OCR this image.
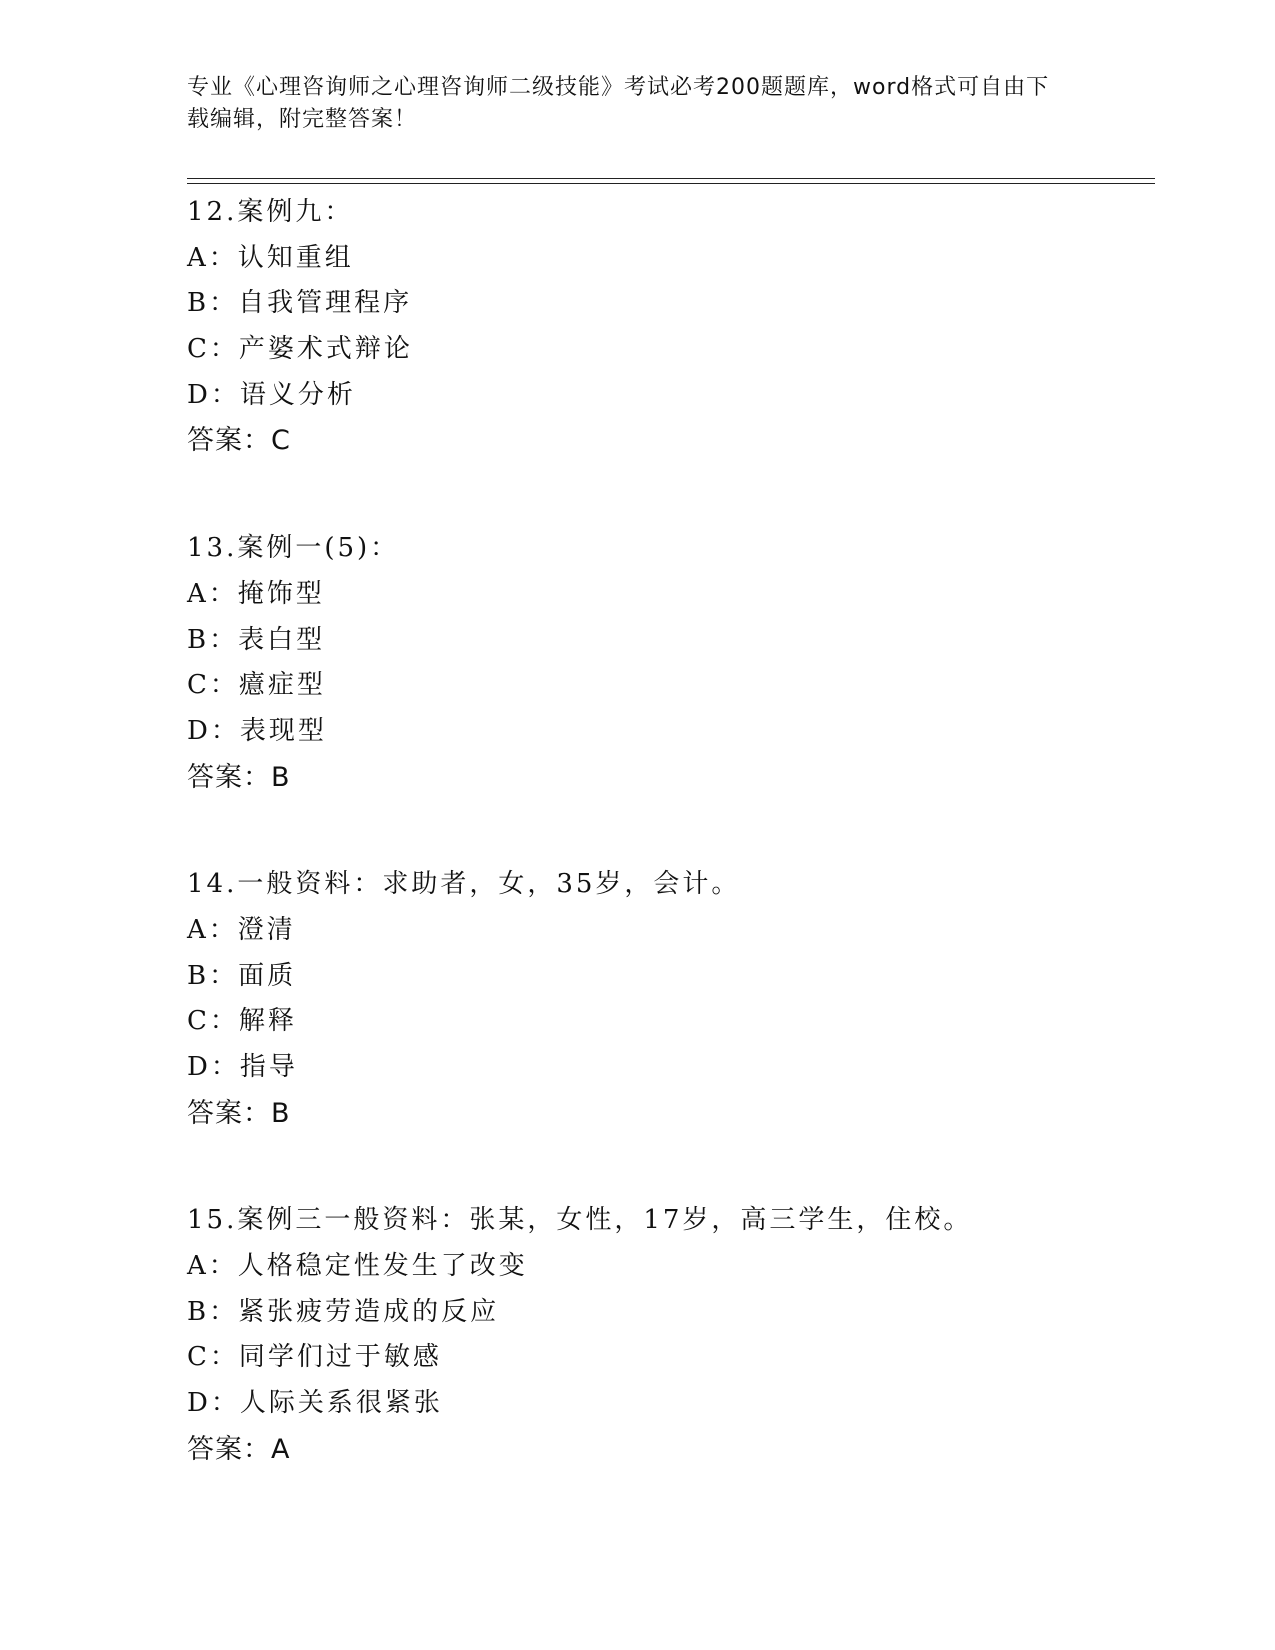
专业《心理咨询师之心理咨询师二级技能》考试必考200题题库，word格式可自由下载编辑，附完整答案！
12.案例九：
A：认知重组
B：自我管理程序
C：产婆术式辩论
D：语义分析
答案：C
13.案例一(5)：
A：掩饰型
B：表白型
C：癔症型
D：表现型
答案：B
14.一般资料：求助者，女，35岁，会计。
A：澄清
B：面质
C：解释
D：指导
答案：B
15.案例三一般资料：张某，女性，17岁，高三学生，住校。
A：人格稳定性发生了改变
B：紧张疲劳造成的反应
C：同学们过于敏感
D：人际关系很紧张
答案：A
